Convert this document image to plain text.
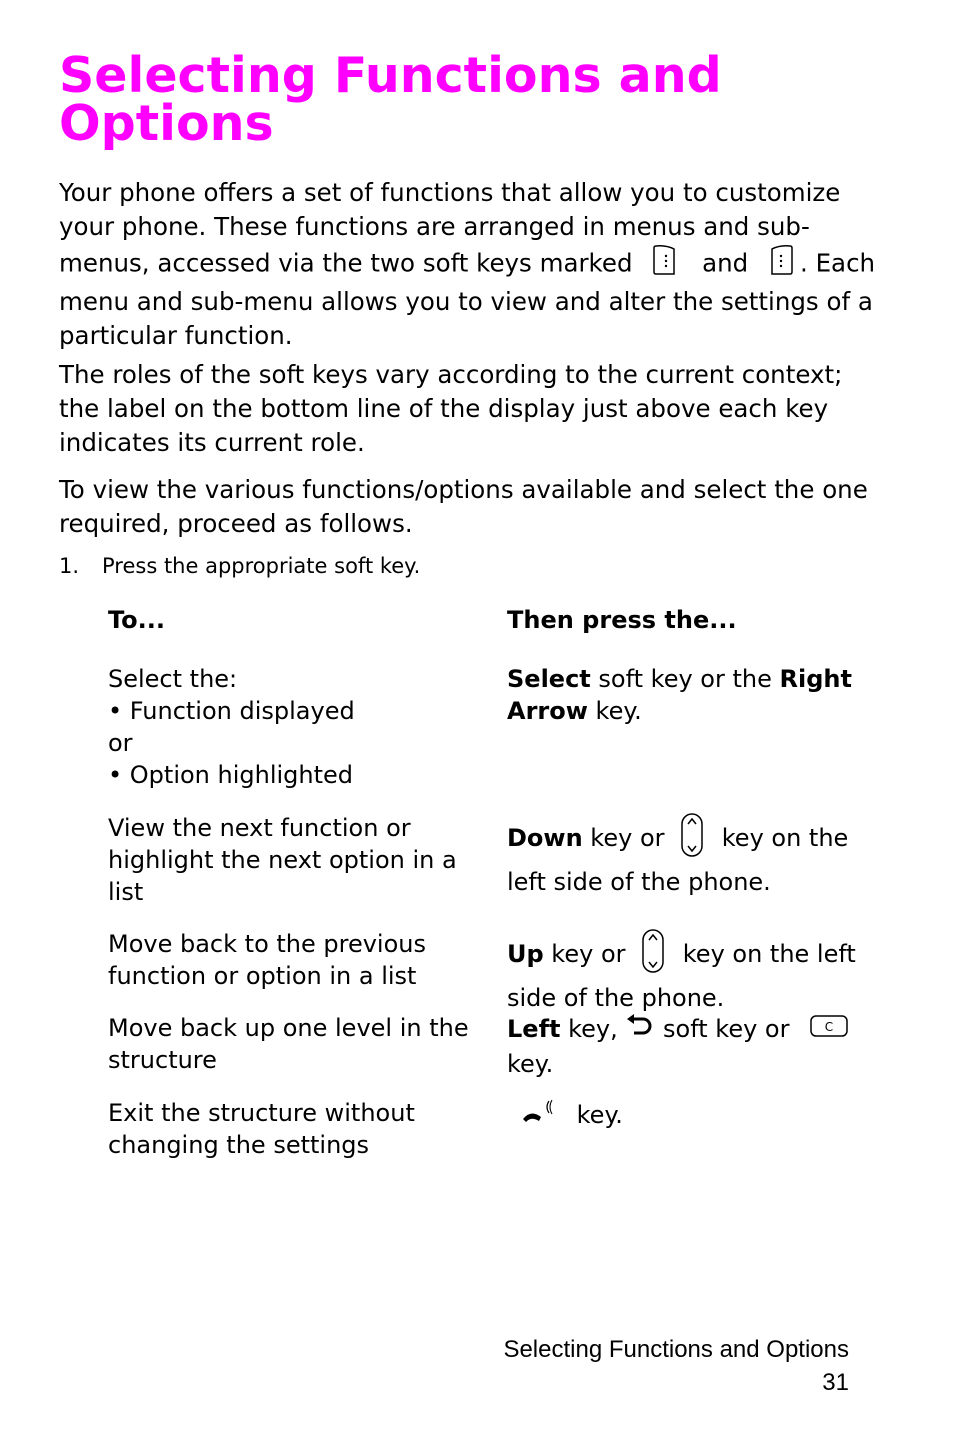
Selecting Functions and Options

Your phone offers a set of functions that allow you to customize your phone. These functions are arranged in menus and sub-menus, accessed via the two soft keys marked	and . Each menu and sub-menu allows you to view and alter the settings of a particular function.

The roles of the soft keys vary according to the current context; the label on the bottom line of the display just above each key indicates its current role.

To view the various functions/options available and select the one required, proceed as follows.

1. Press the appropriate soft key.

To...	Then press the...
Select the:
• Function displayed
or
• Option highlighted
Select soft key or the Right Arrow key.
View the next function or highlight the next option in a list
Down key or  key on the left side of the phone.
Move back to the previous function or option in a list
Up key or  key on the left side of the phone.
Move back up one level in the structure
Left key,  soft key or C
key.
Exit the structure without changing the settings
key.
Selecting Functions and Options
31
